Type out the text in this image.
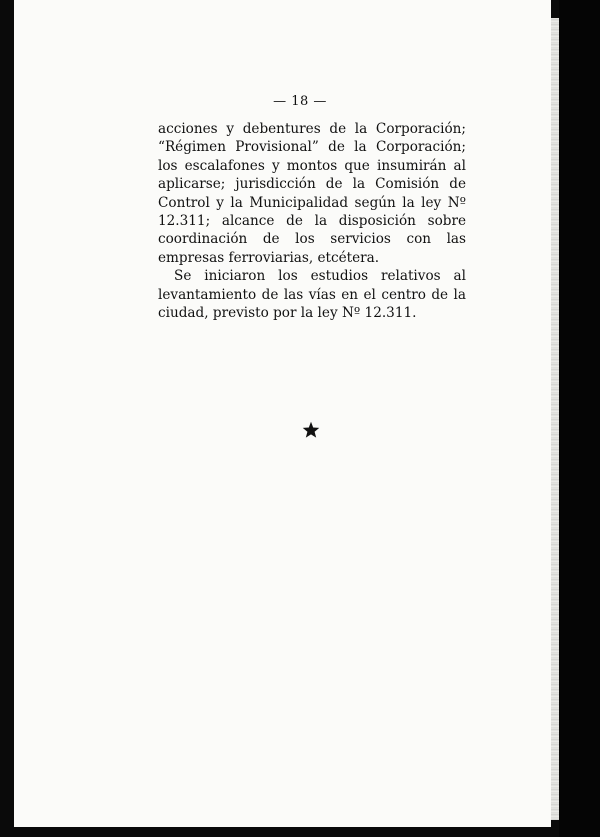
— 18 —

acciones y debentures de la Corporación; “Régimen Provisional” de la Corporación; los escalafones y montos que insumirán al aplicarse; jurisdicción de la Comisión de Control y la Municipalidad según la ley Nº 12.311; alcance de la disposición sobre coordinación de los servicios con las empresas ferroviarias, etcétera.

Se iniciaron los estudios relativos al levantamiento de las vías en el centro de la ciudad, previsto por la ley Nº 12.311.
